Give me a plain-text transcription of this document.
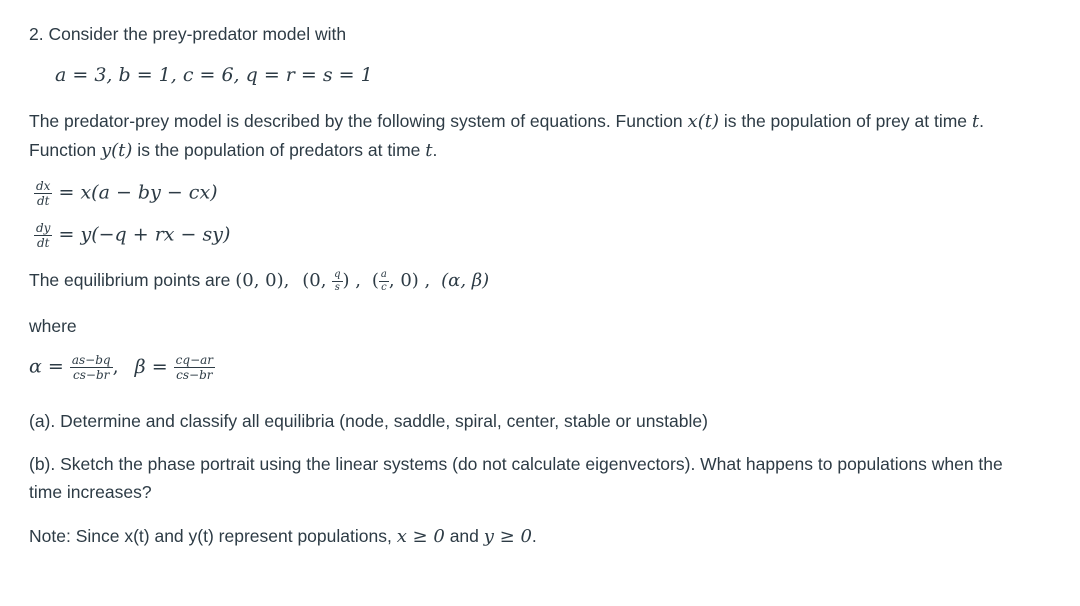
2. Consider the prey-predator model with
a = 3, b = 1, c = 6, q = r = s = 1
The predator-prey model is described by the following system of equations. Function x(t) is the population of prey at time t. Function y(t) is the population of predators at time t.
$\frac{dx}{dt} = x(a$ − by − cx)
$\frac{dy}{dt} = y(-q$ + rx − sy)
The equilibrium points are (0, 0), (0, $\frac{q}{s}$ ) , ( $\frac{a}{c}$ , 0) , (α, β)
where
$\alpha = \frac{as-bq}{cs-br}$ , $\beta = \frac{cq-ar}{cs-br}$
(a). Determine and classify all equilibria (node, saddle, spiral, center, stable or unstable)
(b). Sketch the phase portrait using the linear systems (do not calculate eigenvectors). What happens to populations when the time increases?
Note: Since x(t) and y(t) represent populations, x ≥ 0 and y ≥ 0.
